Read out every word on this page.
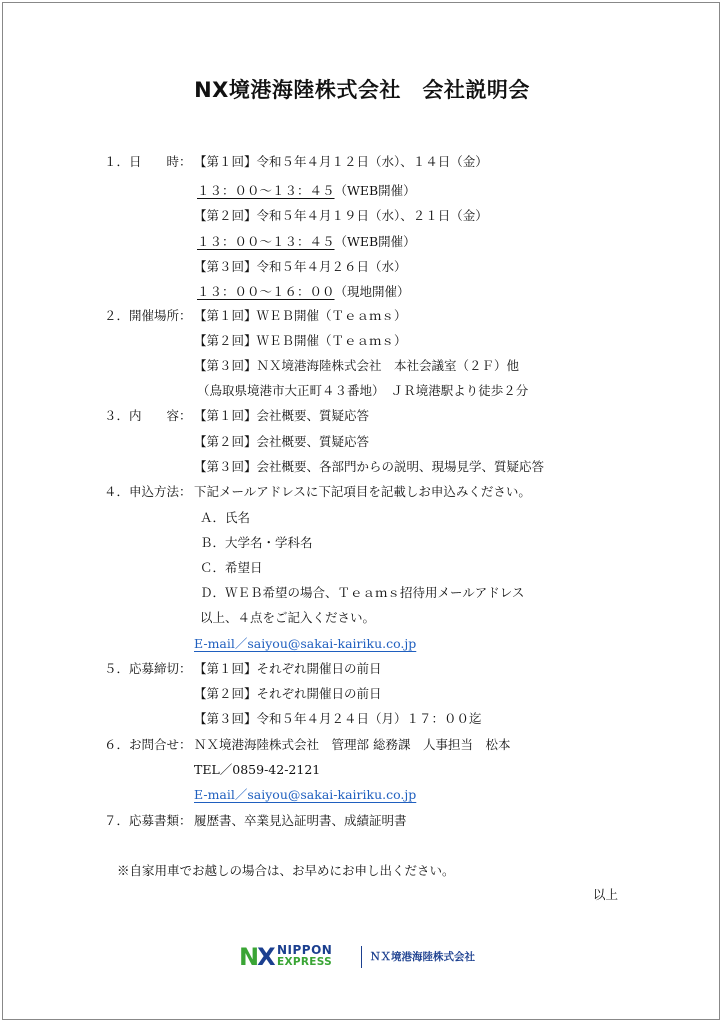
NX境港海陸株式会社　会社説明会
１．日　　時： 【第１回】令和５年４月１２日（水）、１４日（金）
１３：００～１３：４５（WEB開催）
【第２回】令和５年４月１９日（水）、２１日（金）
１３：００～１３：４５（WEB開催）
【第３回】令和５年４月２６日（水）
１３：００～１６：００（現地開催）
２．開催場所： 【第１回】ＷＥＢ開催（Ｔｅａｍｓ）
【第２回】ＷＥＢ開催（Ｔｅａｍｓ）
【第３回】ＮＸ境港海陸株式会社　本社会議室（２Ｆ）他
（鳥取県境港市大正町４３番地）　ＪＲ境港駅より徒歩２分
３．内　　容： 【第１回】会社概要、質疑応答
【第２回】会社概要、質疑応答
【第３回】会社概要、各部門からの説明、現場見学、質疑応答
４．申込方法： 下記メールアドレスに下記項目を記載しお申込みください。
Ａ．氏名
Ｂ．大学名・学科名
Ｃ．希望日
Ｄ．ＷＥＢ希望の場合、Ｔｅａｍｓ招待用メールアドレス
以上、４点をご記入ください。
E-mail／saiyou@sakai-kairiku.co.jp
５．応募締切： 【第１回】それぞれ開催日の前日
【第２回】それぞれ開催日の前日
【第３回】令和５年４月２４日（月）１７：００迄
６．お問合せ： ＮＸ境港海陸株式会社　管理部 総務課　人事担当　松本
TEL／0859-42-2121
E-mail／saiyou@sakai-kairiku.co.jp
７．応募書類： 履歴書、卒業見込証明書、成績証明書
※自家用車でお越しの場合は、お早めにお申し出ください。
以上
NX NIPPON
EXPRESS	ＮＸ境港海陸株式会社
